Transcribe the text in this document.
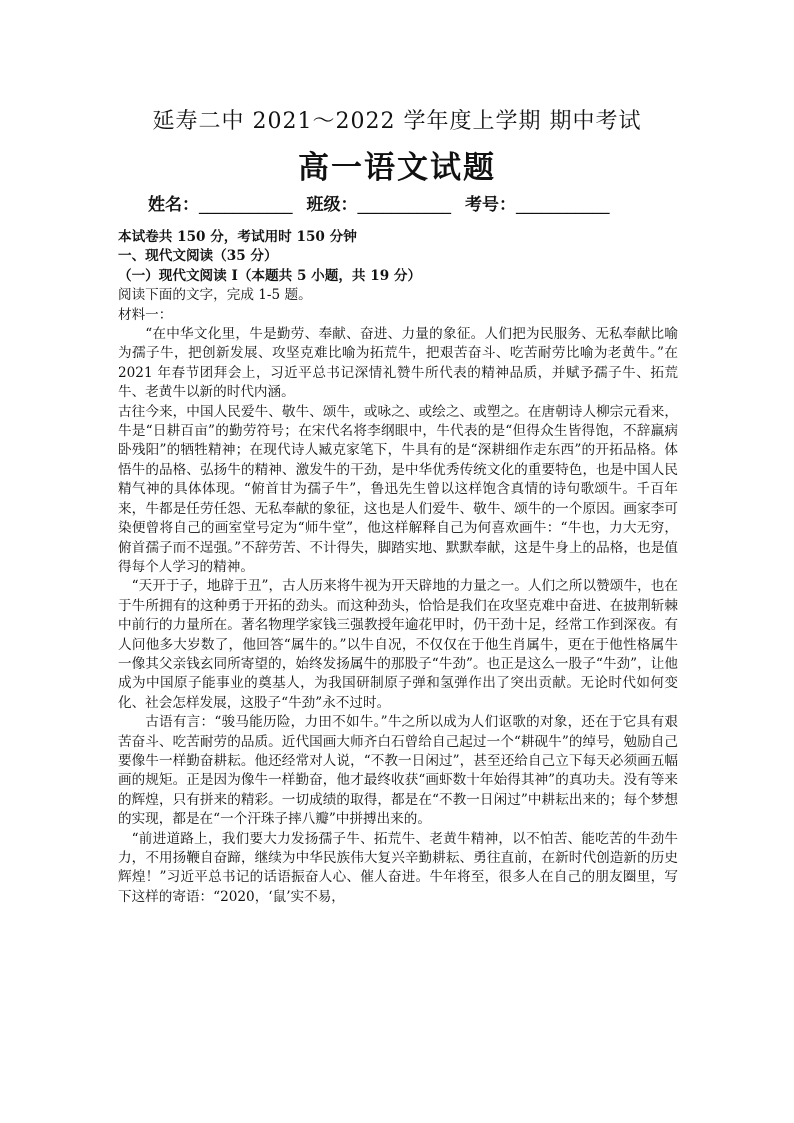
延寿二中 2021～2022 学年度上学期 期中考试
高一语文试题
姓名：___________ 班级：___________ 考号：___________

本试卷共 150 分，考试用时 150 分钟

一、现代文阅读（35 分）

（一）现代文阅读 I（本题共 5 小题，共 19 分）

阅读下面的文字，完成 1-5 题。

材料一：

“在中华文化里，牛是勤劳、奉献、奋进、力量的象征。人们把为民服务、无私奉献比喻为孺子牛，把创新发展、攻坚克难比喻为拓荒牛，把艰苦奋斗、吃苦耐劳比喻为老黄牛。”在 2021 年春节团拜会上，习近平总书记深情礼赞牛所代表的精神品质，并赋予孺子牛、拓荒牛、老黄牛以新的时代内涵。

古往今来，中国人民爱牛、敬牛、颂牛，或咏之、或绘之、或塑之。在唐朝诗人柳宗元看来，牛是“日耕百亩”的勤劳符号；在宋代名将李纲眼中，牛代表的是“但得众生皆得饱，不辞羸病卧残阳”的牺牲精神；在现代诗人臧克家笔下，牛具有的是“深耕细作走东西”的开拓品格。体悟牛的品格、弘扬牛的精神、激发牛的干劲，是中华优秀传统文化的重要特色，也是中国人民精气神的具体体现。“俯首甘为孺子牛”，鲁迅先生曾以这样饱含真情的诗句歌颂牛。千百年来，牛都是任劳任怨、无私奉献的象征，这也是人们爱牛、敬牛、颂牛的一个原因。画家李可染便曾将自己的画室堂号定为“师牛堂”，他这样解释自己为何喜欢画牛：“牛也，力大无穷，俯首孺子而不逞强。”不辞劳苦、不计得失，脚踏实地、默默奉献，这是牛身上的品格，也是值得每个人学习的精神。

“天开于子，地辟于丑”，古人历来将牛视为开天辟地的力量之一。人们之所以赞颂牛，也在于牛所拥有的这种勇于开拓的劲头。而这种劲头，恰恰是我们在攻坚克难中奋进、在披荆斩棘中前行的力量所在。著名物理学家钱三强教授年逾花甲时，仍干劲十足，经常工作到深夜。有人问他多大岁数了，他回答“属牛的。”以牛自况，不仅仅在于他生肖属牛，更在于他性格属牛一像其父亲钱玄同所寄望的，始终发扬属牛的那股子“牛劲”。也正是这么一股子“牛劲”，让他成为中国原子能事业的奠基人，为我国研制原子弹和氢弹作出了突出贡献。无论时代如何变化、社会怎样发展，这股子“牛劲”永不过时。

古语有言：“骏马能历险，力田不如牛。”牛之所以成为人们讴歌的对象，还在于它具有艰苦奋斗、吃苦耐劳的品质。近代国画大师齐白石曾给自己起过一个“耕砚牛”的绰号，勉励自己要像牛一样勤奋耕耘。他还经常对人说，“不教一日闲过”，甚至还给自己立下每天必须画五幅画的规矩。正是因为像牛一样勤奋，他才最终收获“画虾数十年始得其神”的真功夫。没有等来的辉煌，只有拼来的精彩。一切成绩的取得，都是在“不教一日闲过”中耕耘出来的；每个梦想的实现，都是在“一个汗珠子摔八瓣”中拼搏出来的。

“前进道路上，我们要大力发扬孺子牛、拓荒牛、老黄牛精神，以不怕苦、能吃苦的牛劲牛力，不用扬鞭自奋蹄，继续为中华民族伟大复兴辛勤耕耘、勇往直前，在新时代创造新的历史辉煌！”习近平总书记的话语振奋人心、催人奋进。牛年将至，很多人在自己的朋友圈里，写下这样的寄语：“2020，‘鼠’实不易，
